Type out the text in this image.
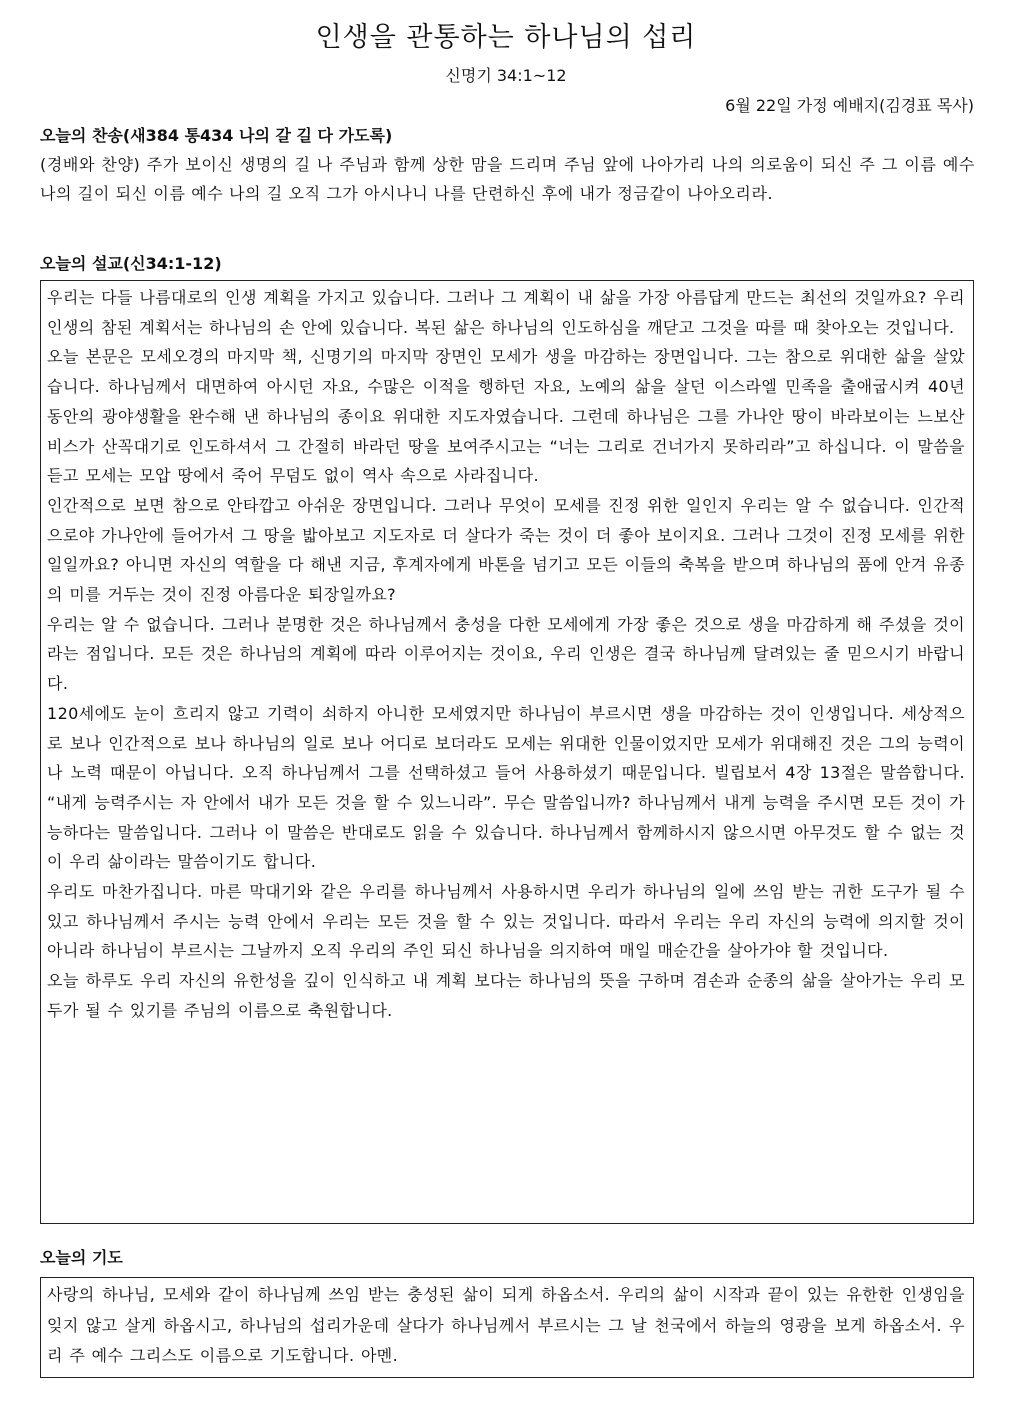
인생을 관통하는 하나님의 섭리
신명기 34:1~12
6월 22일 가정 예배지(김경표 목사)
오늘의 찬송(새384 통434 나의 갈 길 다 가도록)
(경배와 찬양) 주가 보이신 생명의 길 나 주님과 함께 상한 맘을 드리며 주님 앞에 나아가리 나의 의로움이 되신 주 그 이름 예수 나의 길이 되신 이름 예수 나의 길 오직 그가 아시나니 나를 단련하신 후에 내가 정금같이 나아오리라.
오늘의 설교(신34:1-12)

우리는 다들 나름대로의 인생 계획을 가지고 있습니다. 그러나 그 계획이 내 삶을 가장 아름답게 만드는 최선의 것일까요? 우리 인생의 참된 계획서는 하나님의 손 안에 있습니다. 복된 삶은 하나님의 인도하심을 깨닫고 그것을 따를 때 찾아오는 것입니다.

오늘 본문은 모세오경의 마지막 책, 신명기의 마지막 장면인 모세가 생을 마감하는 장면입니다. 그는 참으로 위대한 삶을 살았습니다. 하나님께서 대면하여 아시던 자요, 수많은 이적을 행하던 자요, 노예의 삶을 살던 이스라엘 민족을 출애굽시켜 40년 동안의 광야생활을 완수해 낸 하나님의 종이요 위대한 지도자였습니다. 그런데 하나님은 그를 가나안 땅이 바라보이는 느보산 비스가 산꼭대기로 인도하셔서 그 간절히 바라던 땅을 보여주시고는 “너는 그리로 건너가지 못하리라”고 하십니다. 이 말씀을 듣고 모세는 모압 땅에서 죽어 무덤도 없이 역사 속으로 사라집니다.

인간적으로 보면 참으로 안타깝고 아쉬운 장면입니다. 그러나 무엇이 모세를 진정 위한 일인지 우리는 알 수 없습니다. 인간적으로야 가나안에 들어가서 그 땅을 밟아보고 지도자로 더 살다가 죽는 것이 더 좋아 보이지요. 그러나 그것이 진정 모세를 위한 일일까요? 아니면 자신의 역할을 다 해낸 지금, 후계자에게 바톤을 넘기고 모든 이들의 축복을 받으며 하나님의 품에 안겨 유종의 미를 거두는 것이 진정 아름다운 퇴장일까요?

우리는 알 수 없습니다. 그러나 분명한 것은 하나님께서 충성을 다한 모세에게 가장 좋은 것으로 생을 마감하게 해 주셨을 것이라는 점입니다. 모든 것은 하나님의 계획에 따라 이루어지는 것이요, 우리 인생은 결국 하나님께 달려있는 줄 믿으시기 바랍니다.

120세에도 눈이 흐리지 않고 기력이 쇠하지 아니한 모세였지만 하나님이 부르시면 생을 마감하는 것이 인생입니다. 세상적으로 보나 인간적으로 보나 하나님의 일로 보나 어디로 보더라도 모세는 위대한 인물이었지만 모세가 위대해진 것은 그의 능력이나 노력 때문이 아닙니다. 오직 하나님께서 그를 선택하셨고 들어 사용하셨기 때문입니다. 빌립보서 4장 13절은 말씀합니다. “내게 능력주시는 자 안에서 내가 모든 것을 할 수 있느니라”. 무슨 말씀입니까? 하나님께서 내게 능력을 주시면 모든 것이 가능하다는 말씀입니다. 그러나 이 말씀은 반대로도 읽을 수 있습니다. 하나님께서 함께하시지 않으시면 아무것도 할 수 없는 것이 우리 삶이라는 말씀이기도 합니다.

우리도 마찬가집니다. 마른 막대기와 같은 우리를 하나님께서 사용하시면 우리가 하나님의 일에 쓰임 받는 귀한 도구가 될 수 있고 하나님께서 주시는 능력 안에서 우리는 모든 것을 할 수 있는 것입니다. 따라서 우리는 우리 자신의 능력에 의지할 것이 아니라 하나님이 부르시는 그날까지 오직 우리의 주인 되신 하나님을 의지하여 매일 매순간을 살아가야 할 것입니다.

오늘 하루도 우리 자신의 유한성을 깊이 인식하고 내 계획 보다는 하나님의 뜻을 구하며 겸손과 순종의 삶을 살아가는 우리 모두가 될 수 있기를 주님의 이름으로 축원합니다.

오늘의 기도

사랑의 하나님, 모세와 같이 하나님께 쓰임 받는 충성된 삶이 되게 하옵소서. 우리의 삶이 시작과 끝이 있는 유한한 인생임을 잊지 않고 살게 하옵시고, 하나님의 섭리가운데 살다가 하나님께서 부르시는 그 날 천국에서 하늘의 영광을 보게 하옵소서. 우리 주 예수 그리스도 이름으로 기도합니다. 아멘.
